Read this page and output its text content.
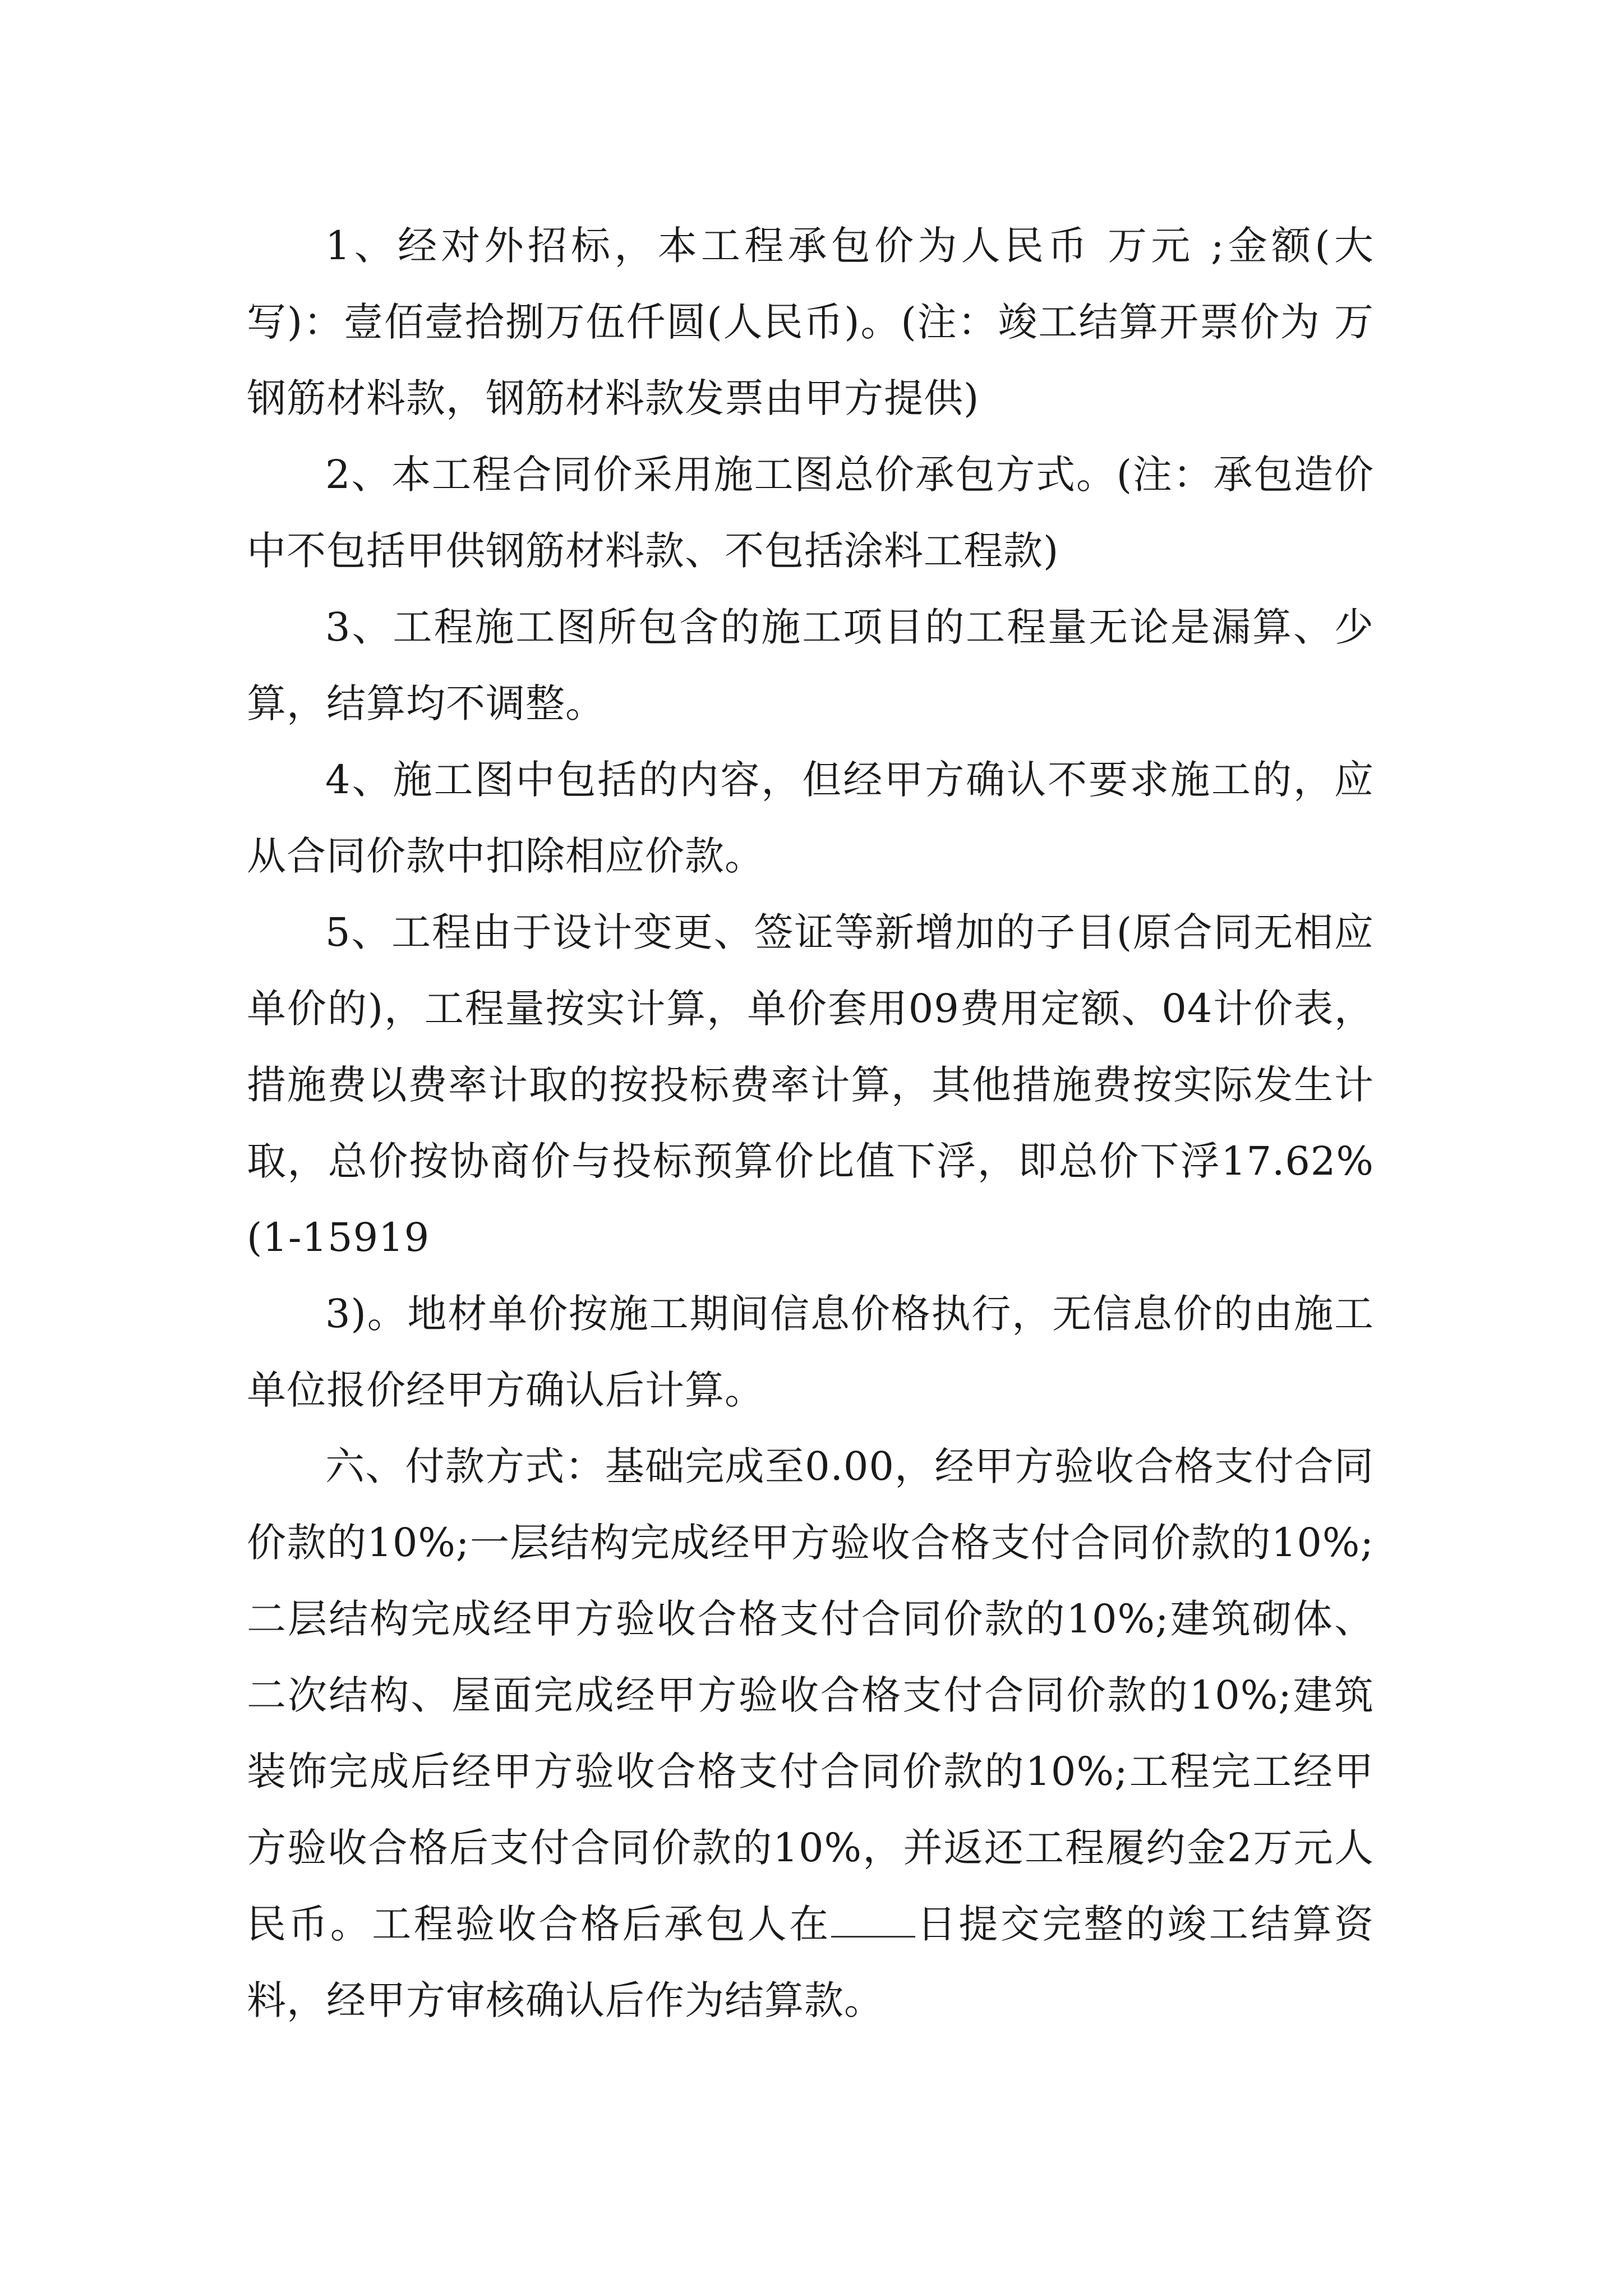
1、经对外招标，本工程承包价为人民币 万元 ;金额(大写)：壹佰壹拾捌万伍仟圆(人民币)。(注：竣工结算开票价为 万钢筋材料款，钢筋材料款发票由甲方提供)

2、本工程合同价采用施工图总价承包方式。(注：承包造价中不包括甲供钢筋材料款、不包括涂料工程款)

3、工程施工图所包含的施工项目的工程量无论是漏算、少算，结算均不调整。

4、施工图中包括的内容，但经甲方确认不要求施工的，应从合同价款中扣除相应价款。

5、工程由于设计变更、签证等新增加的子目(原合同无相应单价的)，工程量按实计算，单价套用09费用定额、04计价表，措施费以费率计取的按投标费率计算，其他措施费按实际发生计取，总价按协商价与投标预算价比值下浮，即总价下浮17.62%(1-15919

3)。地材单价按施工期间信息价格执行，无信息价的由施工单位报价经甲方确认后计算。

六、付款方式：基础完成至0.00，经甲方验收合格支付合同价款的10%;一层结构完成经甲方验收合格支付合同价款的10%;二层结构完成经甲方验收合格支付合同价款的10%;建筑砌体、二次结构、屋面完成经甲方验收合格支付合同价款的10%;建筑装饰完成后经甲方验收合格支付合同价款的10%;工程完工经甲方验收合格后支付合同价款的10%，并返还工程履约金2万元人民币。工程验收合格后承包人在 日提交完整的竣工结算资料，经甲方审核确认后作为结算款。
